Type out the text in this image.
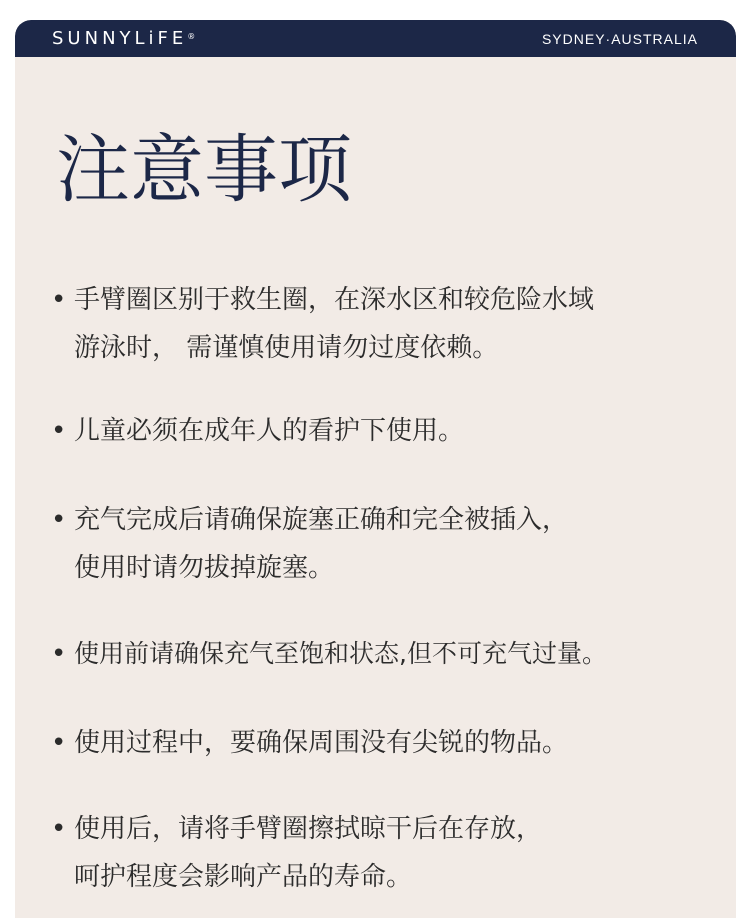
SUNNYLiFE®	SYDNEY·AUSTRALIA
注意事项
• 手臂圈区别于救生圈，在深水区和较危险水域
游泳时， 需谨慎使用请勿过度依赖。
• 儿童必须在成年人的看护下使用。
• 充气完成后请确保旋塞正确和完全被插入，
使用时请勿拔掉旋塞。
• 使用前请确保充气至饱和状态,但不可充气过量。
• 使用过程中，要确保周围没有尖锐的物品。
• 使用后，请将手臂圈擦拭晾干后在存放，
呵护程度会影响产品的寿命。
